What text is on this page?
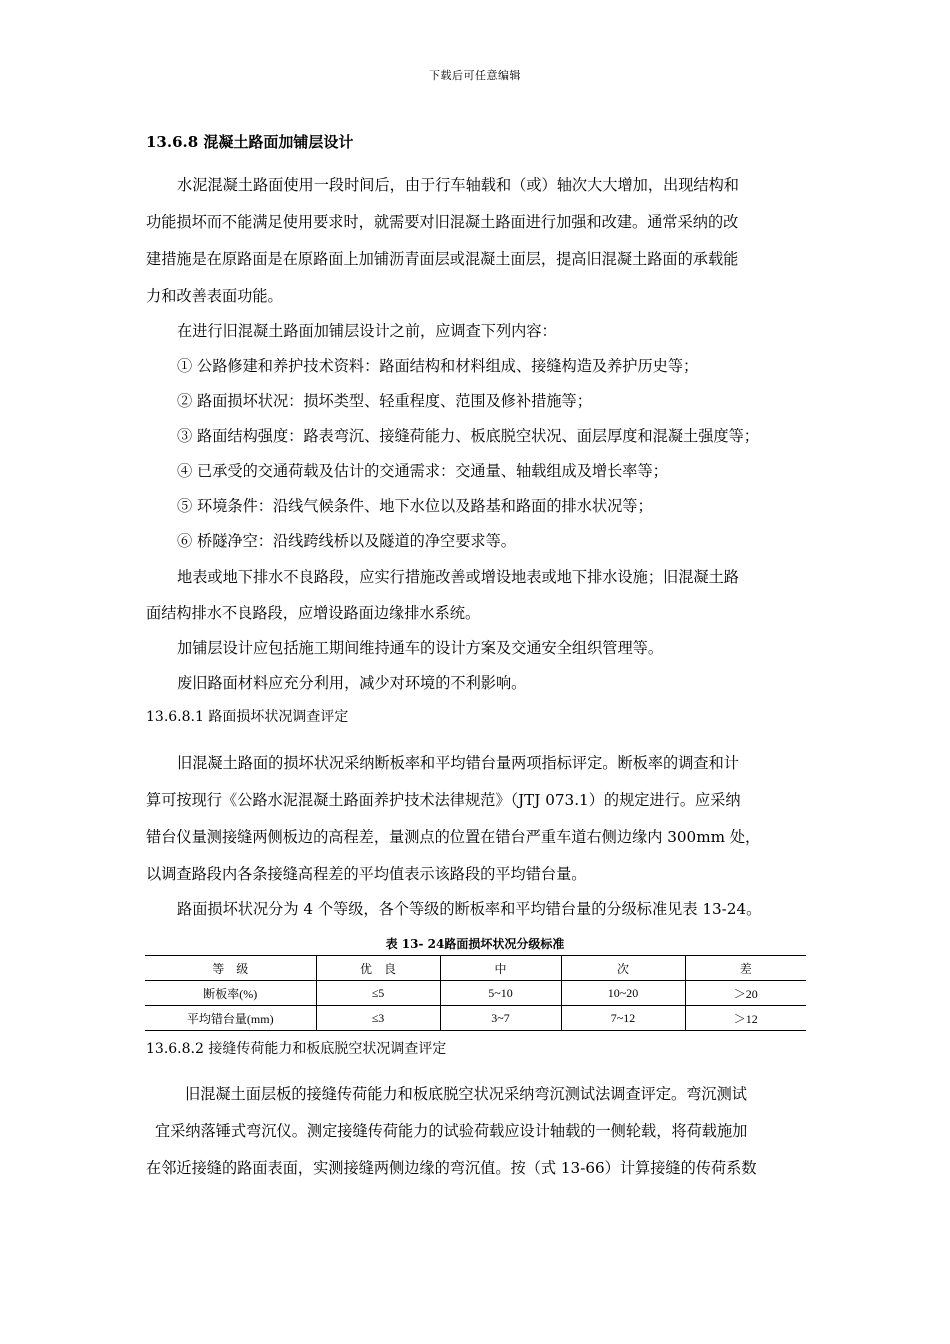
下载后可任意编辑
13.6.8 混凝土路面加铺层设计
水泥混凝土路面使用一段时间后，由于行车轴载和（或）轴次大大增加，出现结构和
功能损坏而不能满足使用要求时，就需要对旧混凝土路面进行加强和改建。通常采纳的改
建措施是在原路面是在原路面上加铺沥青面层或混凝土面层，提高旧混凝土路面的承载能
力和改善表面功能。
在进行旧混凝土路面加铺层设计之前，应调查下列内容：
① 公路修建和养护技术资料：路面结构和材料组成、接缝构造及养护历史等；
② 路面损坏状况：损坏类型、轻重程度、范围及修补措施等；
③ 路面结构强度：路表弯沉、接缝荷能力、板底脱空状况、面层厚度和混凝土强度等；
④ 已承受的交通荷载及估计的交通需求：交通量、轴载组成及增长率等；
⑤ 环境条件：沿线气候条件、地下水位以及路基和路面的排水状况等；
⑥ 桥隧净空：沿线跨线桥以及隧道的净空要求等。
地表或地下排水不良路段，应实行措施改善或增设地表或地下排水设施；旧混凝土路
面结构排水不良路段，应增设路面边缘排水系统。
加铺层设计应包括施工期间维持通车的设计方案及交通安全组织管理等。
废旧路面材料应充分利用，减少对环境的不利影响。
13.6.8.1 路面损坏状况调查评定
旧混凝土路面的损坏状况采纳断板率和平均错台量两项指标评定。断板率的调查和计
算可按现行《公路水泥混凝土路面养护技术法律规范》（JTJ 073.1）的规定进行。应采纳
错台仪量测接缝两侧板边的高程差，量测点的位置在错台严重车道右侧边缘内 300mm 处，
以调查路段内各条接缝高程差的平均值表示该路段的平均错台量。
路面损坏状况分为 4 个等级，各个等级的断板率和平均错台量的分级标准见表 13-24。
表 13- 24路面损坏状况分级标准
等　级	优　良	中	次	差
断板率(%)	≤5	5~10	10~20	＞20
平均错台量(mm)	≤3	3~7	7~12	＞12
13.6.8.2 接缝传荷能力和板底脱空状况调查评定
旧混凝土面层板的接缝传荷能力和板底脱空状况采纳弯沉测试法调查评定。弯沉测试
宜采纳落锤式弯沉仪。测定接缝传荷能力的试验荷载应设计轴载的一侧轮载，将荷载施加
在邻近接缝的路面表面，实测接缝两侧边缘的弯沉值。按（式 13-66）计算接缝的传荷系数
